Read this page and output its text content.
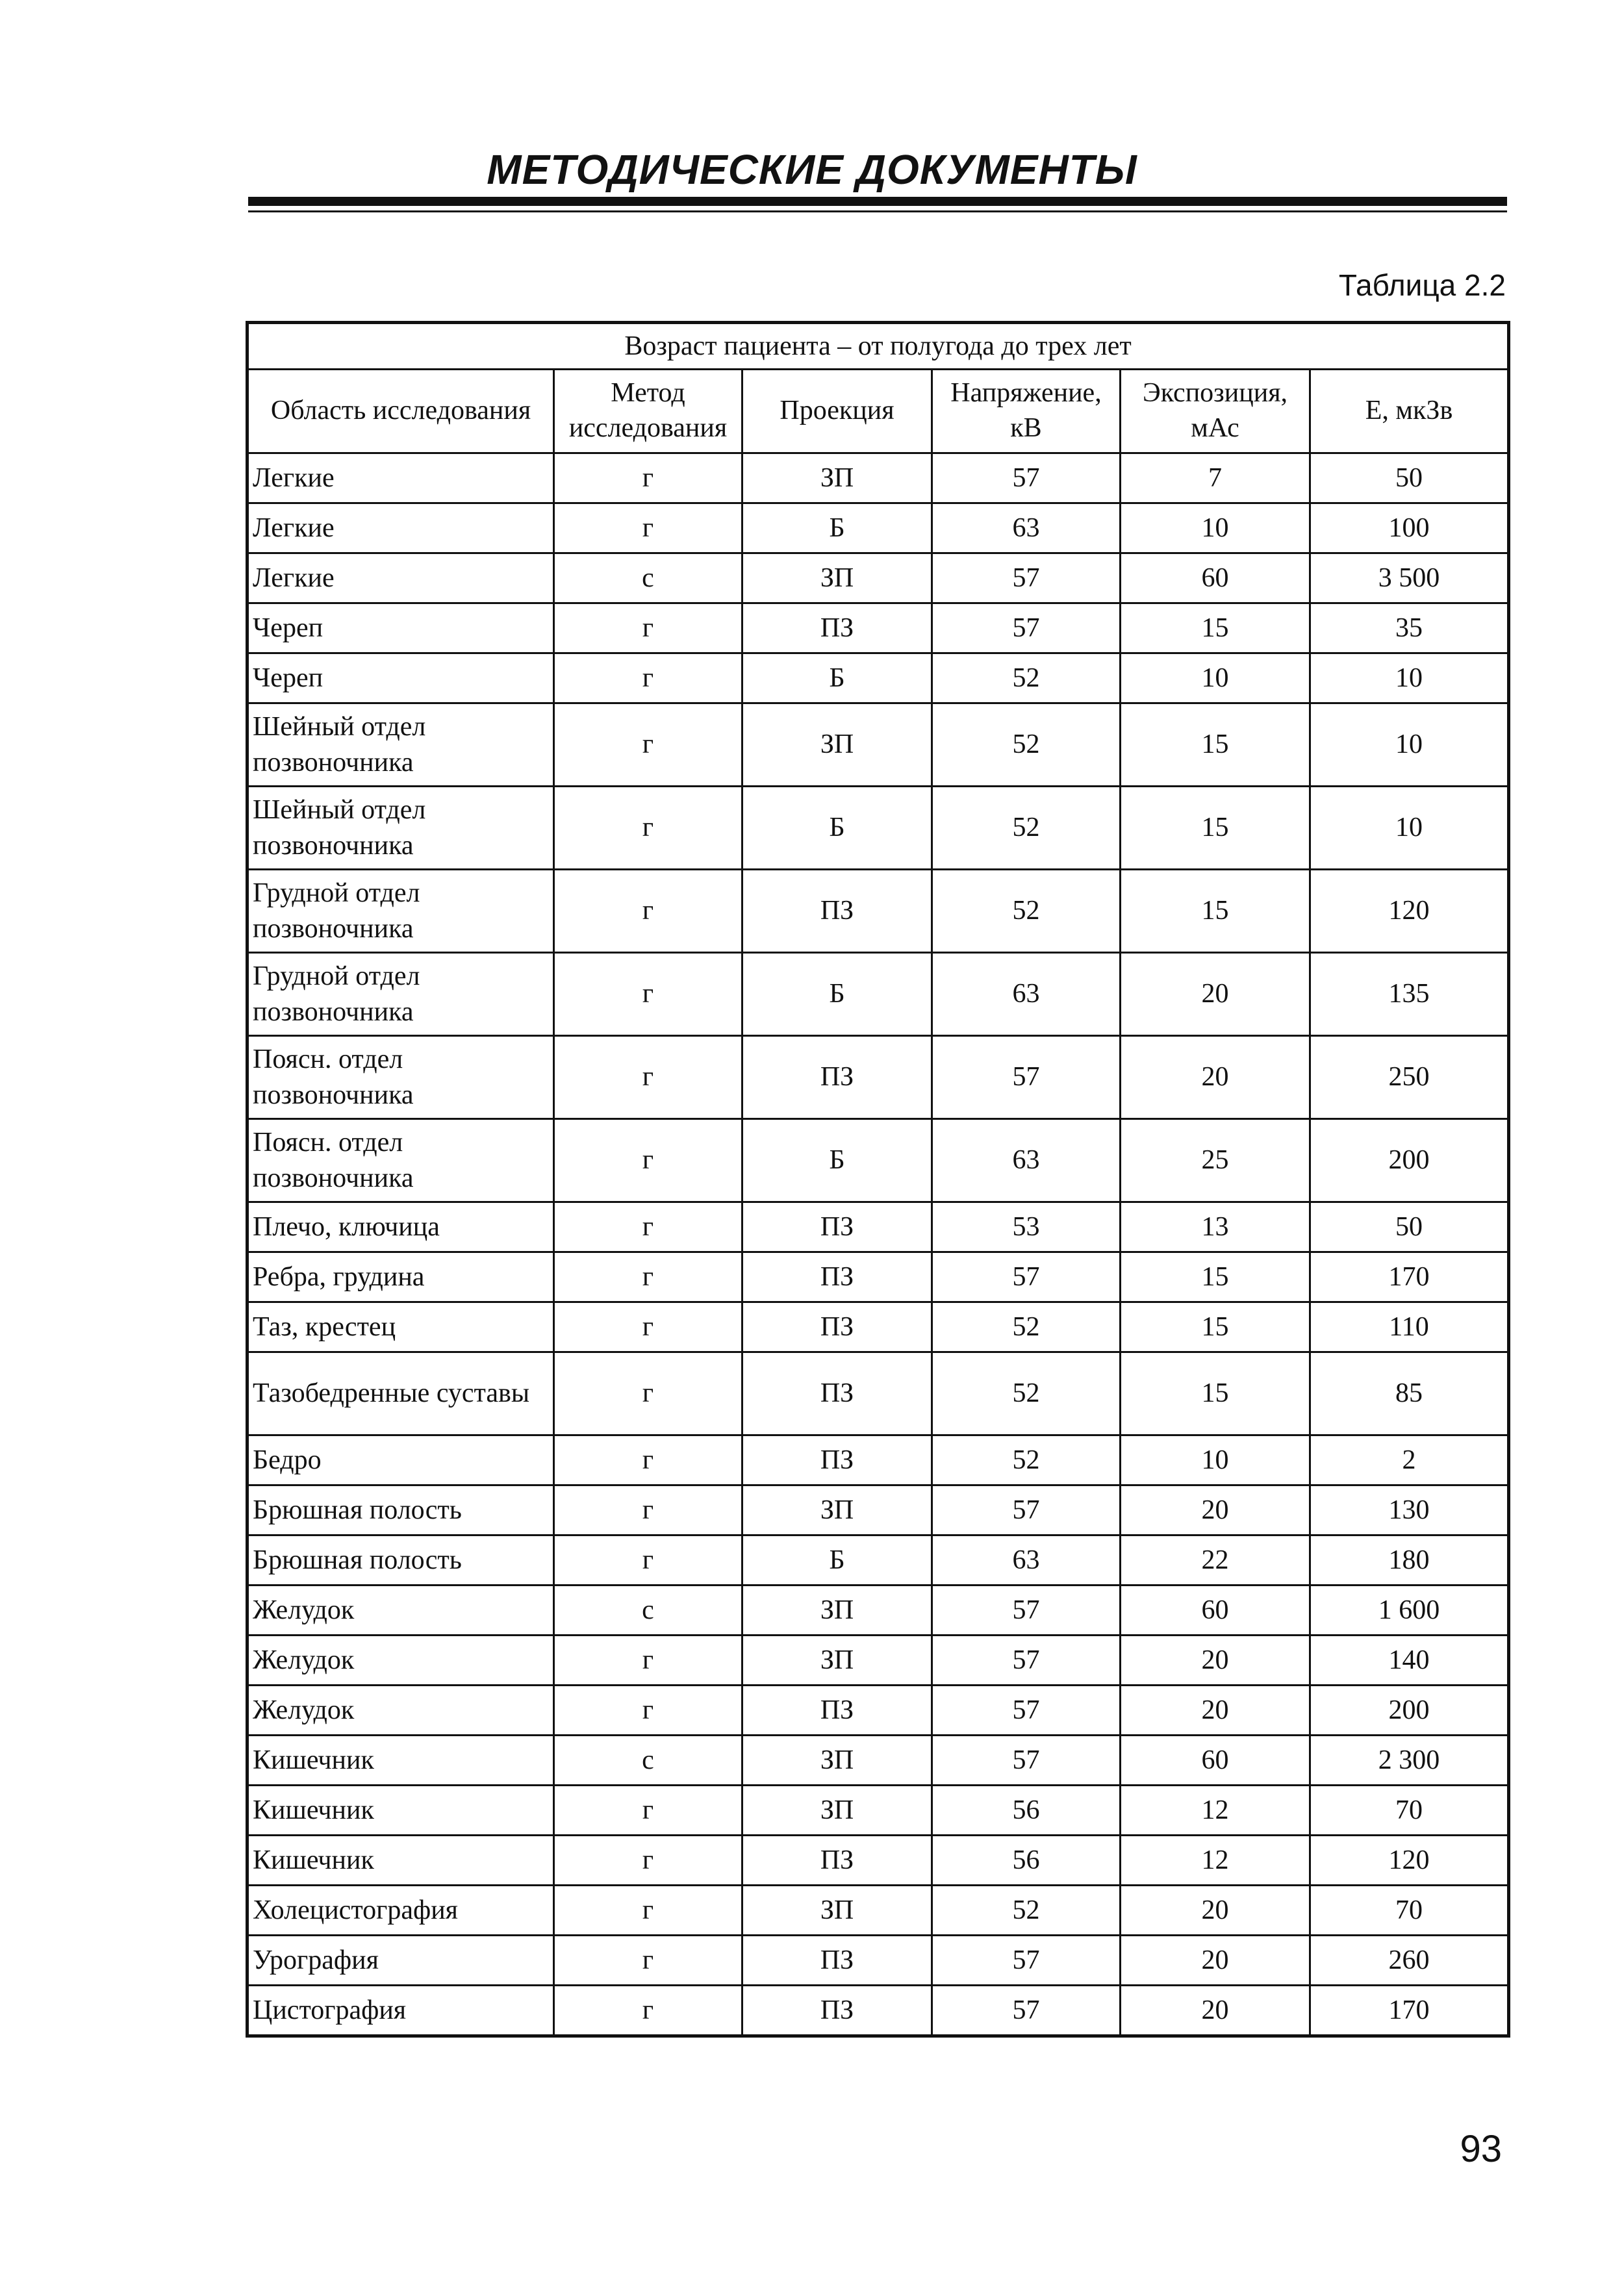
МЕТОДИЧЕСКИЕ ДОКУМЕНТЫ
Таблица 2.2
Возраст пациента – от полугода до трех лет					
Область исследования	Метод исследования	Проекция	Напряжение, кВ	Экспозиция, мАс	E, мкЗв
Легкие	г	ЗП	57	7	50
Легкие	г	Б	63	10	100
Легкие	с	ЗП	57	60	3 500
Череп	г	ПЗ	57	15	35
Череп	г	Б	52	10	10
Шейный отдел позвоночника	г	ЗП	52	15	10
Шейный отдел позвоночника	г	Б	52	15	10
Грудной отдел позвоночника	г	ПЗ	52	15	120
Грудной отдел позвоночника	г	Б	63	20	135
Поясн. отдел позвоночника	г	ПЗ	57	20	250
Поясн. отдел позвоночника	г	Б	63	25	200
Плечо, ключица	г	ПЗ	53	13	50
Ребра, грудина	г	ПЗ	57	15	170
Таз, крестец	г	ПЗ	52	15	110
Тазобедренные суставы	г	ПЗ	52	15	85
Бедро	г	ПЗ	52	10	2
Брюшная полость	г	ЗП	57	20	130
Брюшная полость	г	Б	63	22	180
Желудок	с	ЗП	57	60	1 600
Желудок	г	ЗП	57	20	140
Желудок	г	ПЗ	57	20	200
Кишечник	с	ЗП	57	60	2 300
Кишечник	г	ЗП	56	12	70
Кишечник	г	ПЗ	56	12	120
Холецистография	г	ЗП	52	20	70
Урография	г	ПЗ	57	20	260
Цистография	г	ПЗ	57	20	170
93
